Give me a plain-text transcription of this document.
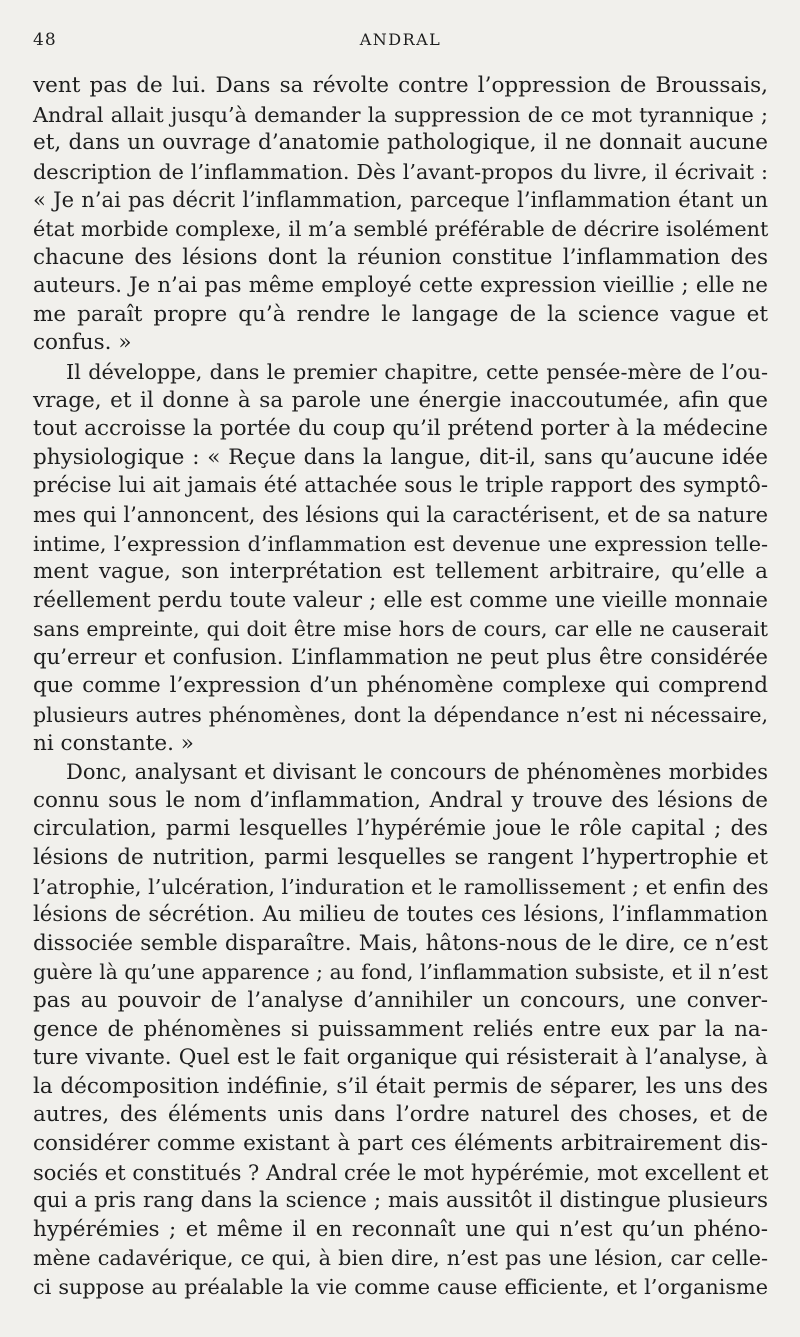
48	ANDRAL
vent pas de lui. Dans sa révolte contre l’oppression de Broussais,
Andral allait jusqu’à demander la suppression de ce mot tyrannique ;
et, dans un ouvrage d’anatomie pathologique, il ne donnait aucune
description de l’inflammation. Dès l’avant-propos du livre, il écrivait :
« Je n’ai pas décrit l’inflammation, parceque l’inflammation étant un
état morbide complexe, il m’a semblé préférable de décrire isolément
chacune des lésions dont la réunion constitue l’inflammation des
auteurs. Je n’ai pas même employé cette expression vieillie ; elle ne
me paraît propre qu’à rendre le langage de la science vague et
confus. »
Il développe, dans le premier chapitre, cette pensée-mère de l’ou-
vrage, et il donne à sa parole une énergie inaccoutumée, afin que
tout accroisse la portée du coup qu’il prétend porter à la médecine
physiologique : « Reçue dans la langue, dit-il, sans qu’aucune idée
précise lui ait jamais été attachée sous le triple rapport des symptô-
mes qui l’annoncent, des lésions qui la caractérisent, et de sa nature
intime, l’expression d’inflammation est devenue une expression telle-
ment vague, son interprétation est tellement arbitraire, qu’elle a
réellement perdu toute valeur ; elle est comme une vieille monnaie
sans empreinte, qui doit être mise hors de cours, car elle ne causerait
qu’erreur et confusion. L’inflammation ne peut plus être considérée
que comme l’expression d’un phénomène complexe qui comprend
plusieurs autres phénomènes, dont la dépendance n’est ni nécessaire,
ni constante. »
Donc, analysant et divisant le concours de phénomènes morbides
connu sous le nom d’inflammation, Andral y trouve des lésions de
circulation, parmi lesquelles l’hypérémie joue le rôle capital ; des
lésions de nutrition, parmi lesquelles se rangent l’hypertrophie et
l’atrophie, l’ulcération, l’induration et le ramollissement ; et enfin des
lésions de sécrétion. Au milieu de toutes ces lésions, l’inflammation
dissociée semble disparaître. Mais, hâtons-nous de le dire, ce n’est
guère là qu’une apparence ; au fond, l’inflammation subsiste, et il n’est
pas au pouvoir de l’analyse d’annihiler un concours, une conver-
gence de phénomènes si puissamment reliés entre eux par la na-
ture vivante. Quel est le fait organique qui résisterait à l’analyse, à
la décomposition indéfinie, s’il était permis de séparer, les uns des
autres, des éléments unis dans l’ordre naturel des choses, et de
considérer comme existant à part ces éléments arbitrairement dis-
sociés et constitués ? Andral crée le mot hypérémie, mot excellent et
qui a pris rang dans la science ; mais aussitôt il distingue plusieurs
hypérémies ; et même il en reconnaît une qui n’est qu’un phéno-
mène cadavérique, ce qui, à bien dire, n’est pas une lésion, car celle-
ci suppose au préalable la vie comme cause efficiente, et l’organisme
